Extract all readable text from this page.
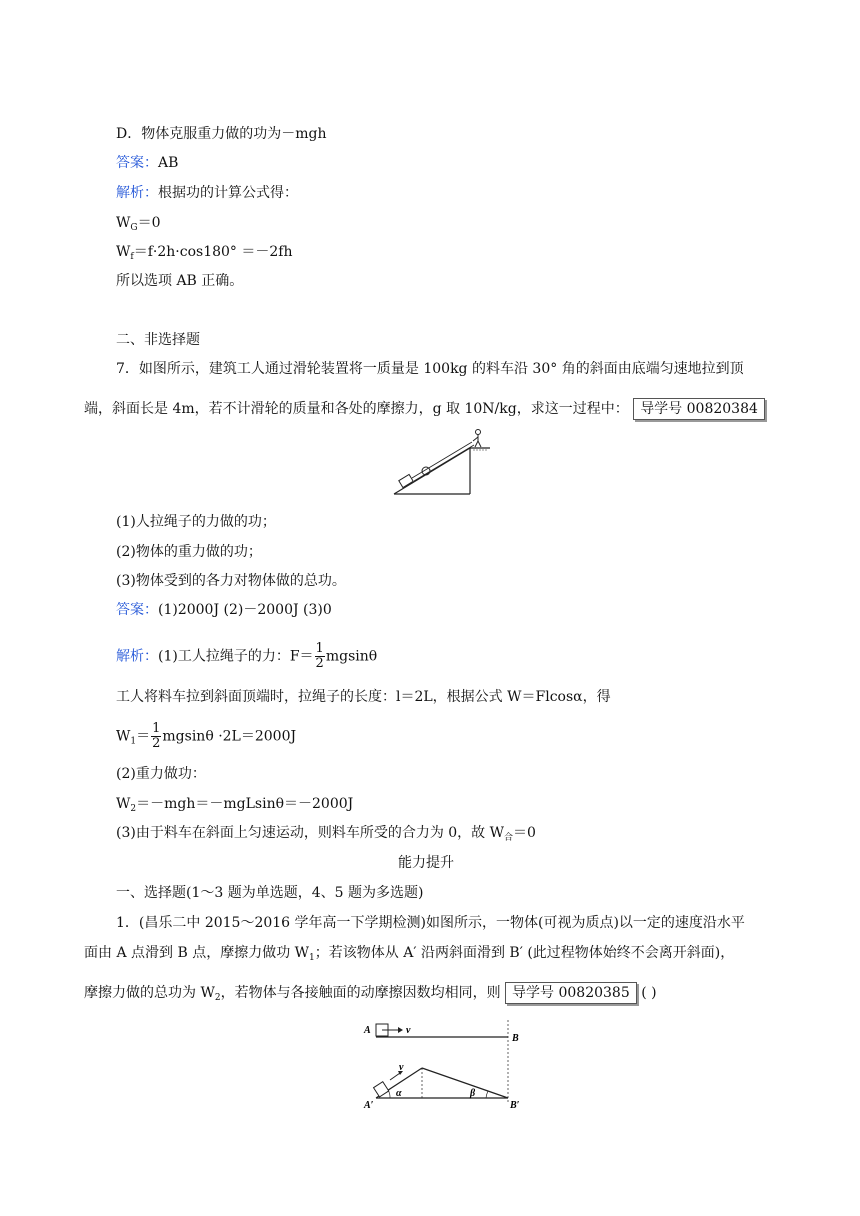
D．物体克服重力做的功为－mgh
答案：AB
解析：根据功的计算公式得：
$W_G=0$
$W_f=f\cdot 2h\cdot\cos 180^\circ =-2fh$
所以选项 AB 正确。
二、非选择题
7．如图所示，建筑工人通过滑轮装置将一质量是 100kg 的料车沿 30° 角的斜面由底端匀速地拉到顶
端，斜面长是 4m，若不计滑轮的质量和各处的摩擦力，g 取 10N/kg，求这一过程中： 导学号 00820384
(1)人拉绳子的力做的功；
(2)物体的重力做的功；
(3)物体受到的各力对物体做的总功。
答案：(1)2000J (2)－2000J (3)0
解析：(1)工人拉绳子的力：$F= \frac{1}{2}$ mgsinθ
工人将料车拉到斜面顶端时，拉绳子的长度：l＝2L，根据公式 W＝Flcosα，得
$W_1= \frac{1}{2}$ mgsinθ ·2L＝2000J
(2)重力做功：
$W_2=-mgh=-mgLsin\theta=-2000J$
(3)由于料车在斜面上匀速运动，则料车所受的合力为 0，故 $W_合=0$
能力提升
一、选择题(1～3 题为单选题，4、5 题为多选题)
1．(昌乐二中 2015～2016 学年高一下学期检测)如图所示，一物体(可视为质点)以一定的速度沿水平
面由 A 点滑到 B 点，摩擦力做功 $W_1$；若该物体从 A′ 沿两斜面滑到 B′ (此过程物体始终不会离开斜面)，
摩擦力做的总功为 $W_2$，若物体与各接触面的动摩擦因数均相同，则 导学号 00820385 ( )
A	v
B
v
A′
α	β
B′
